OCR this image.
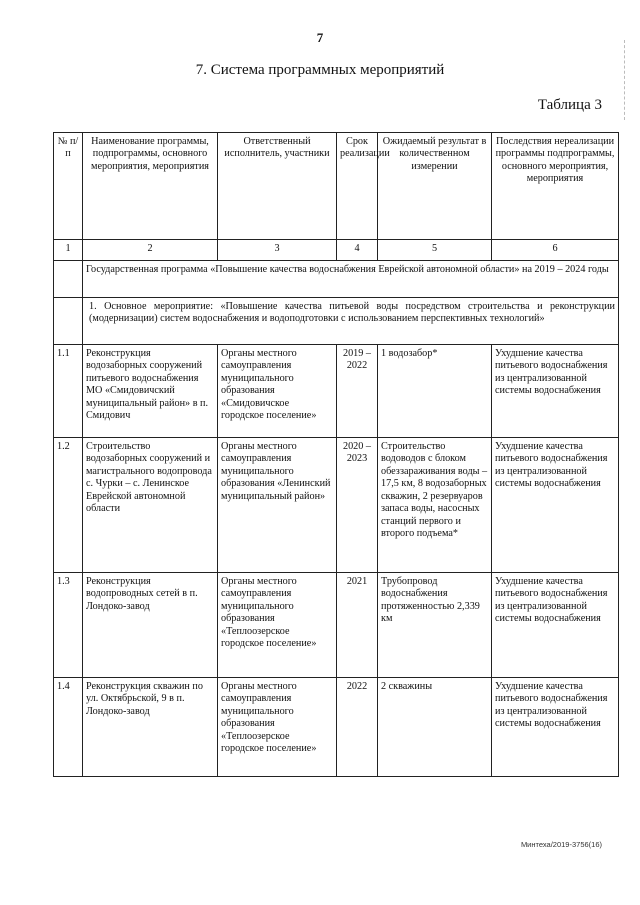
7
7. Система программных мероприятий
Таблица 3
№ п/п	Наименование программы, подпрограммы, основного мероприятия, мероприятия	Ответственный исполнитель, участники	Срок реализации	Ожидаемый результат в количественном измерении	Последствия нереализации программы подпрограммы, основного мероприятия, мероприятия
1	2	3	4	5	6
	Государственная программа «Повышение качества водоснабжения Еврейской автономной области» на 2019 – 2024 годы				
	1. Основное мероприятие: «Повышение качества питьевой воды посредством строительства и реконструкции (модернизации) систем водоснабжения и водоподготовки с использованием перспективных технологий»				
1.1	Реконструкция водозаборных сооружений питьевого водоснабжения МО «Смидовичский муниципальный район» в п. Смидович	Органы местного самоуправления муниципального образования «Смидовичское городское поселение»	2019 – 2022	1 водозабор*	Ухудшение качества питьевого водоснабжения из централизованной системы водоснабжения
1.2	Строительство водозаборных сооружений и магистрального водопровода с. Чурки – с. Ленинское Еврейской автономной области	Органы местного самоуправления муниципального образования «Ленинский муниципальный район»	2020 – 2023	Строительство водоводов с блоком обеззараживания воды – 17,5 км, 8 водозаборных скважин, 2 резервуаров запаса воды, насосных станций первого и второго подъема*	Ухудшение качества питьевого водоснабжения из централизованной системы водоснабжения
1.3	Реконструкция водопроводных сетей в п. Лондоко-завод	Органы местного самоуправления муниципального образования «Теплоозерское городское поселение»	2021	Трубопровод водоснабжения протяженностью 2,339 км	Ухудшение качества питьевого водоснабжения из централизованной системы водоснабжения
1.4	Реконструкция скважин по ул. Октябрьской, 9 в п. Лондоко-завод	Органы местного самоуправления муниципального образования «Теплоозерское городское поселение»	2022	2 скважины	Ухудшение качества питьевого водоснабжения из централизованной системы водоснабжения
Минтеха/2019-3756(16)
